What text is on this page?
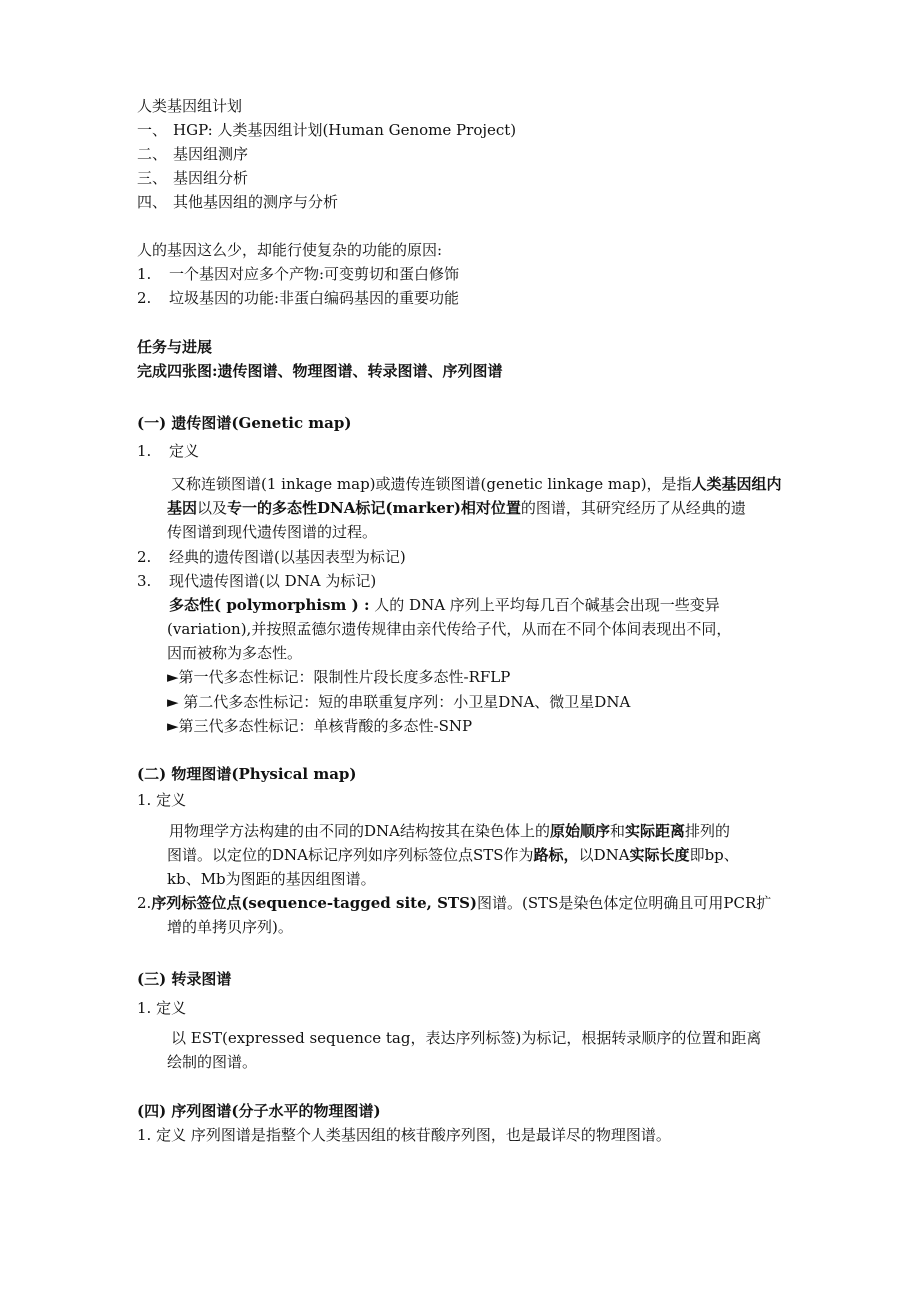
人类基因组计划
一、 HGP: 人类基因组计划(Human Genome Project)
二、 基因组测序
三、 基因组分析
四、 其他基因组的测序与分析
人的基因这么少，却能行使复杂的功能的原因:
1. 一个基因对应多个产物:可变剪切和蛋白修饰
2. 垃圾基因的功能:非蛋白编码基因的重要功能
任务与进展
完成四张图:遗传图谱、物理图谱、转录图谱、序列图谱
(一) 遗传图谱(Genetic map)
1. 定义
又称连锁图谱(1 inkage map)或遗传连锁图谱(genetic linkage map)，是指人类基因组内
基因以及专一的多态性DNA标记(marker)相对位置的图谱，其研究经历了从经典的遗
传图谱到现代遗传图谱的过程。
2. 经典的遗传图谱(以基因表型为标记)
3. 现代遗传图谱(以 DNA 为标记)
多态性( polymorphism ) : 人的 DNA 序列上平均每几百个碱基会出现一些变异
(variation),并按照孟德尔遗传规律由亲代传给子代，从而在不同个体间表现出不同，
因而被称为多态性。
►第一代多态性标记：限制性片段长度多态性-RFLP
► 第二代多态性标记：短的串联重复序列：小卫星DNA、微卫星DNA
►第三代多态性标记：单核背酸的多态性-SNP
(二) 物理图谱(Physical map)
1. 定义
用物理学方法构建的由不同的DNA结构按其在染色体上的原始顺序和实际距离排列的
图谱。以定位的DNA标记序列如序列标签位点STS作为路标，以DNA实际长度即bp、
kb、Mb为图距的基因组图谱。
2.序列标签位点(sequence-tagged site, STS)图谱。(STS是染色体定位明确且可用PCR扩
增的单拷贝序列)。
(三) 转录图谱
1. 定义
以 EST(expressed sequence tag，表达序列标签)为标记，根据转录顺序的位置和距离
绘制的图谱。
(四) 序列图谱(分子水平的物理图谱)
1. 定义 序列图谱是指整个人类基因组的核苷酸序列图，也是最详尽的物理图谱。
